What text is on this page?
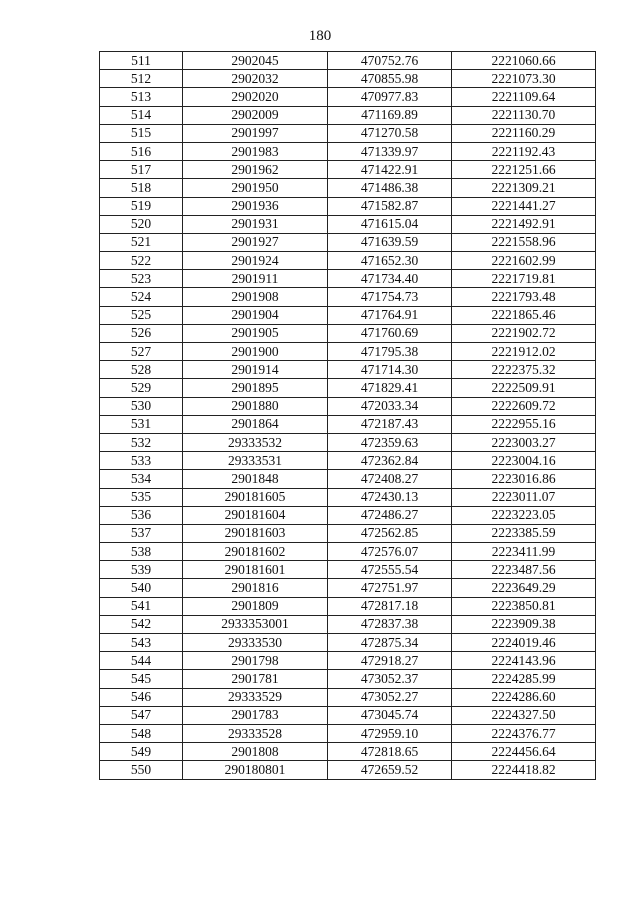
180
511	2902045	470752.76	2221060.66
512	2902032	470855.98	2221073.30
513	2902020	470977.83	2221109.64
514	2902009	471169.89	2221130.70
515	2901997	471270.58	2221160.29
516	2901983	471339.97	2221192.43
517	2901962	471422.91	2221251.66
518	2901950	471486.38	2221309.21
519	2901936	471582.87	2221441.27
520	2901931	471615.04	2221492.91
521	2901927	471639.59	2221558.96
522	2901924	471652.30	2221602.99
523	2901911	471734.40	2221719.81
524	2901908	471754.73	2221793.48
525	2901904	471764.91	2221865.46
526	2901905	471760.69	2221902.72
527	2901900	471795.38	2221912.02
528	2901914	471714.30	2222375.32
529	2901895	471829.41	2222509.91
530	2901880	472033.34	2222609.72
531	2901864	472187.43	2222955.16
532	29333532	472359.63	2223003.27
533	29333531	472362.84	2223004.16
534	2901848	472408.27	2223016.86
535	290181605	472430.13	2223011.07
536	290181604	472486.27	2223223.05
537	290181603	472562.85	2223385.59
538	290181602	472576.07	2223411.99
539	290181601	472555.54	2223487.56
540	2901816	472751.97	2223649.29
541	2901809	472817.18	2223850.81
542	2933353001	472837.38	2223909.38
543	29333530	472875.34	2224019.46
544	2901798	472918.27	2224143.96
545	2901781	473052.37	2224285.99
546	29333529	473052.27	2224286.60
547	2901783	473045.74	2224327.50
548	29333528	472959.10	2224376.77
549	2901808	472818.65	2224456.64
550	290180801	472659.52	2224418.82
